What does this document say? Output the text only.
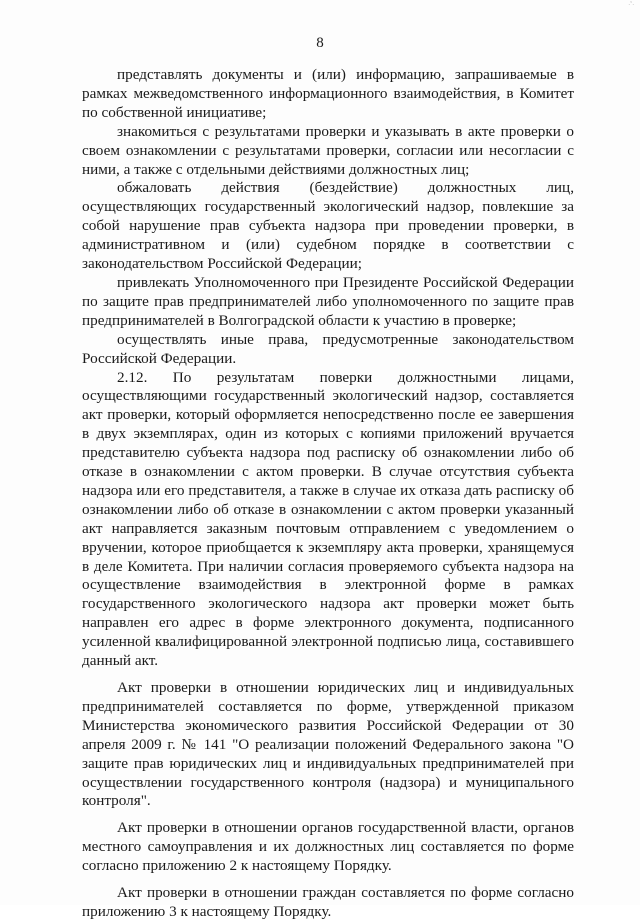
·ˇ·
8

представлять документы и (или) информацию, запрашиваемые в рамках межведомственного информационного взаимодействия, в Комитет по собственной инициативе;

знакомиться с результатами проверки и указывать в акте проверки о своем ознакомлении с результатами проверки, согласии или несогласии с ними, а также с отдельными действиями должностных лиц;

обжаловать действия (бездействие) должностных лиц, осуществляющих государственный экологический надзор, повлекшие за собой нарушение прав субъекта надзора при проведении проверки, в административном и (или) судебном порядке в соответствии с законодательством Российской Федерации;

привлекать Уполномоченного при Президенте Российской Федерации по защите прав предпринимателей либо уполномоченного по защите прав предпринимателей в Волгоградской области к участию в проверке;

осуществлять иные права, предусмотренные законодательством Российской Федерации.

2.12. По результатам поверки должностными лицами, осуществляющими государственный экологический надзор, составляется акт проверки, который оформляется непосредственно после ее завершения в двух экземплярах, один из которых с копиями приложений вручается представителю субъекта надзора под расписку об ознакомлении либо об отказе в ознакомлении с актом проверки. В случае отсутствия субъекта надзора или его представителя, а также в случае их отказа дать расписку об ознакомлении либо об отказе в ознакомлении с актом проверки указанный акт направляется заказным почтовым отправлением с уведомлением о вручении, которое приобщается к экземпляру акта проверки, хранящемуся в деле Комитета. При наличии согласия проверяемого субъекта надзора на осуществление взаимодействия в электронной форме в рамках государственного экологического надзора акт проверки может быть направлен его адрес в форме электронного документа, подписанного усиленной квалифицированной электронной подписью лица, составившего данный акт.

Акт проверки в отношении юридических лиц и индивидуальных предпринимателей составляется по форме, утвержденной приказом Министерства экономического развития Российской Федерации от 30 апреля 2009 г. № 141 "О реализации положений Федерального закона "О защите прав юридических лиц и индивидуальных предпринимателей при осуществлении государственного контроля (надзора) и муниципального контроля".

Акт проверки в отношении органов государственной власти, органов местного самоуправления и их должностных лиц составляется по форме согласно приложению 2 к настоящему Порядку.

Акт проверки в отношении граждан составляется по форме согласно приложению 3 к настоящему Порядку.
